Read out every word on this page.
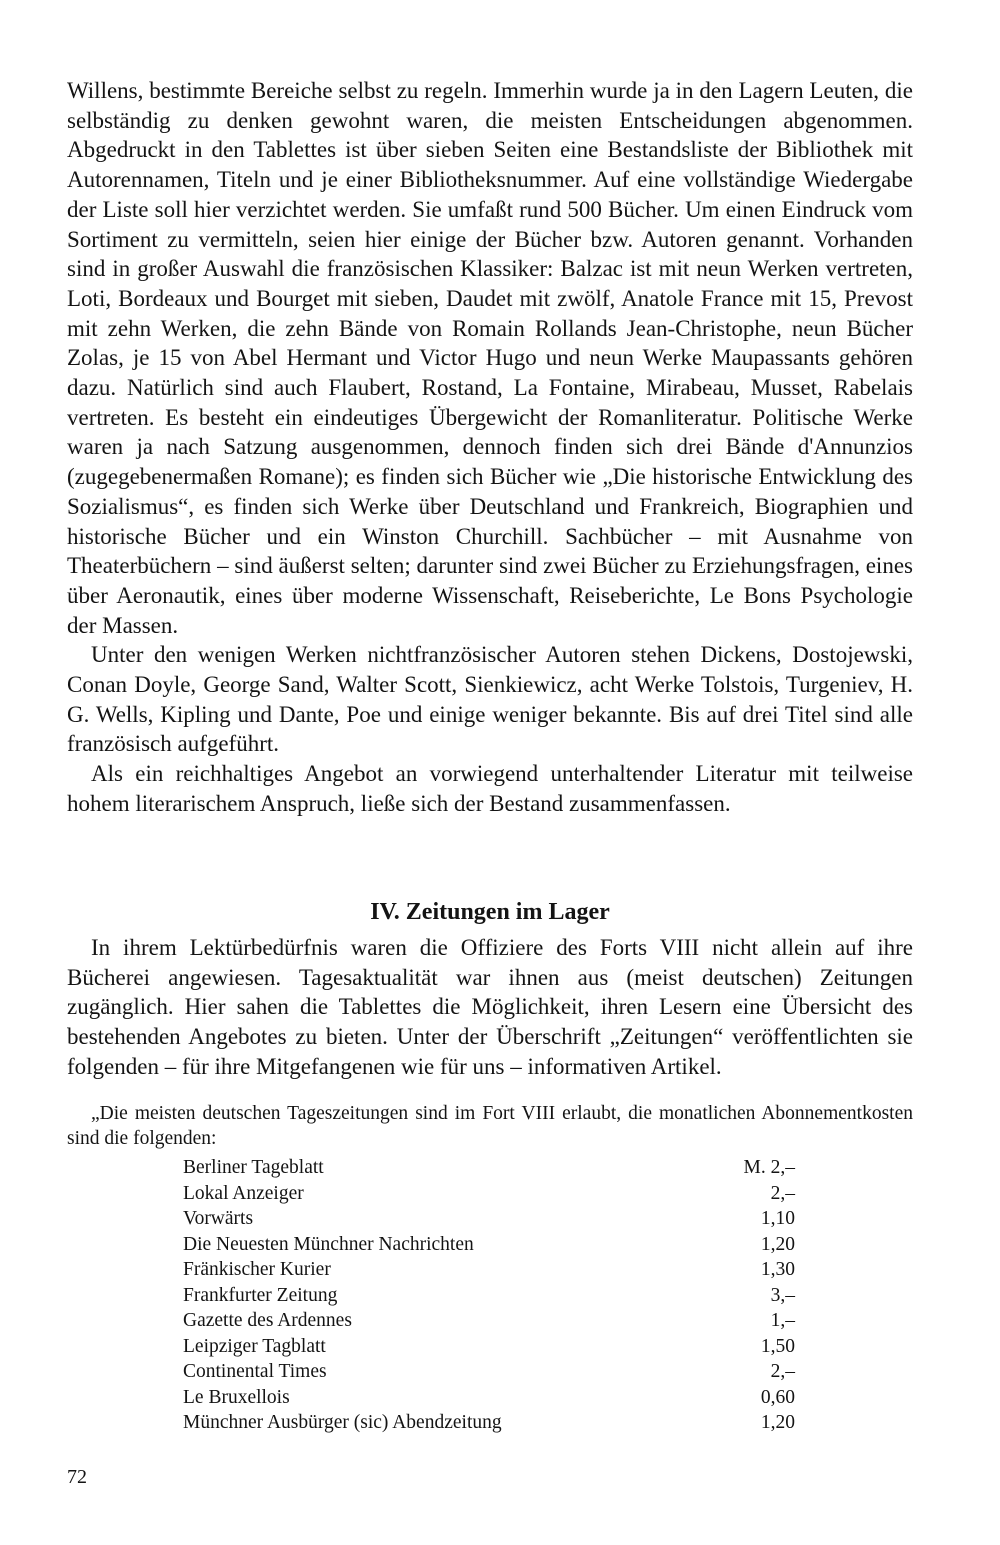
Willens, bestimmte Bereiche selbst zu regeln. Immerhin wurde ja in den Lagern Leuten, die selbständig zu denken gewohnt waren, die meisten Entscheidungen abgenommen. Abgedruckt in den Tablettes ist über sieben Seiten eine Bestandsliste der Bibliothek mit Autorennamen, Titeln und je einer Bibliotheksnummer. Auf eine vollständige Wiedergabe der Liste soll hier verzichtet werden. Sie umfaßt rund 500 Bücher. Um einen Eindruck vom Sortiment zu vermitteln, seien hier einige der Bücher bzw. Autoren genannt. Vorhanden sind in großer Auswahl die französischen Klassiker: Balzac ist mit neun Werken vertreten, Loti, Bordeaux und Bourget mit sieben, Daudet mit zwölf, Anatole France mit 15, Prevost mit zehn Werken, die zehn Bände von Romain Rollands Jean-Christophe, neun Bücher Zolas, je 15 von Abel Hermant und Victor Hugo und neun Werke Maupassants gehören dazu. Natürlich sind auch Flaubert, Rostand, La Fontaine, Mirabeau, Musset, Rabelais vertreten. Es besteht ein eindeutiges Übergewicht der Romanliteratur. Politische Werke waren ja nach Satzung ausgenommen, dennoch finden sich drei Bände d'Annunzios (zugegebenermaßen Romane); es finden sich Bücher wie „Die historische Entwicklung des Sozialismus“, es finden sich Werke über Deutschland und Frankreich, Biographien und historische Bücher und ein Winston Churchill. Sachbücher – mit Ausnahme von Theaterbüchern – sind äußerst selten; darunter sind zwei Bücher zu Erziehungsfragen, eines über Aeronautik, eines über moderne Wissenschaft, Reiseberichte, Le Bons Psychologie der Massen.

Unter den wenigen Werken nichtfranzösischer Autoren stehen Dickens, Dostojewski, Conan Doyle, George Sand, Walter Scott, Sienkiewicz, acht Werke Tolstois, Turgeniev, H. G. Wells, Kipling und Dante, Poe und einige weniger bekannte. Bis auf drei Titel sind alle französisch aufgeführt.

Als ein reichhaltiges Angebot an vorwiegend unterhaltender Literatur mit teilweise hohem literarischem Anspruch, ließe sich der Bestand zusammenfassen.

IV. Zeitungen im Lager

In ihrem Lektürbedürfnis waren die Offiziere des Forts VIII nicht allein auf ihre Bücherei angewiesen. Tagesaktualität war ihnen aus (meist deutschen) Zeitungen zugänglich. Hier sahen die Tablettes die Möglichkeit, ihren Lesern eine Übersicht des bestehenden Angebotes zu bieten. Unter der Überschrift „Zeitungen“ veröffentlichten sie folgenden – für ihre Mitgefangenen wie für uns – informativen Artikel.

„Die meisten deutschen Tageszeitungen sind im Fort VIII erlaubt, die monatlichen Abonnementkosten sind die folgenden:

Berliner Tageblatt	M. 2,–
Lokal Anzeiger	2,–
Vorwärts	1,10
Die Neuesten Münchner Nachrichten	1,20
Fränkischer Kurier	1,30
Frankfurter Zeitung	3,–
Gazette des Ardennes	1,–
Leipziger Tagblatt	1,50
Continental Times	2,–
Le Bruxellois	0,60
Münchner Ausbürger (sic) Abendzeitung	1,20
72
